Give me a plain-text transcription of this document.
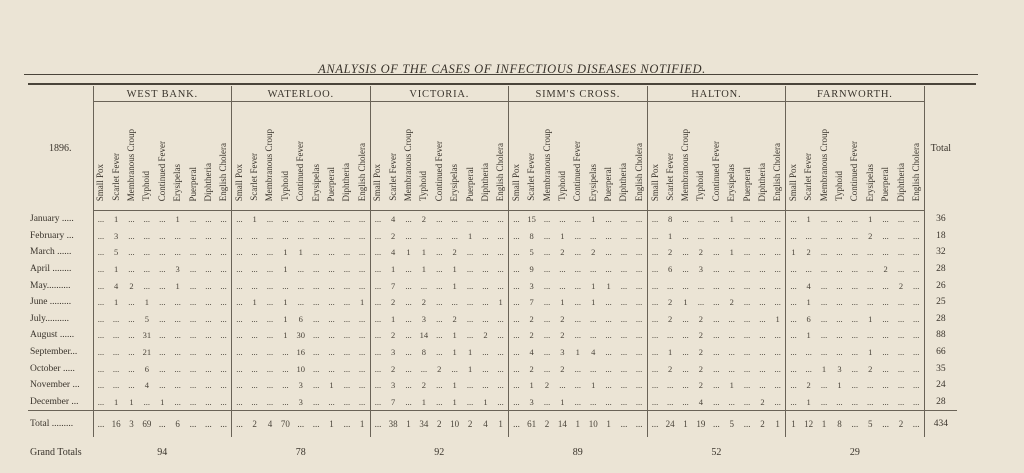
ANALYSIS OF THE CASES OF INFECTIOUS DISEASES NOTIFIED.
1896.	WEST BANK.									WATERLOO.									VICTORIA.									SIMM'S CROSS.									HALTON.									FARNWORTH.									Total
	Small Pox	Scarlet Fever	Membranous Croup	Typhoid	Continued Fever	Erysipelas	Puerperal	Diphtheria	English Cholera	Small Pox	Scarlet Fever	Membranous Croup	Typhoid	Continued Fever	Erysipelas	Puerperal	Diphtheria	English Cholera	Small Pox	Scarlet Fever	Membranous Croup	Typhoid	Continued Fever	Erysipelas	Puerperal	Diphtheria	English Cholera	Small Pox	Scarlet Fever	Membranous Croup	Typhoid	Continued Fever	Erysipelas	Puerperal	Diphtheria	English Cholera	Small Pox	Scarlet Fever	Membranous Croup	Typhoid	Continued Fever	Erysipelas	Puerperal	Diphtheria	English Cholera	Small Pox	Scarlet Fever	Membranous Croup	Typhoid	Continued Fever	Erysipelas	Puerperal	Diphtheria	English Cholera	
January .....	...	1	...	...	...	1	...	...	...	...	1	...	...	...	...	...	...	...	...	4	...	2	...	...	...	...	...	...	15	...	...	...	1	...	...	...	...	8	...	...	...	1	...	...	...	...	1	...	...	...	1	...	...	...	36
February ...	...	3	...	...	...	...	...	...	...	...	...	...	...	...	...	...	...	...	...	2	...	...	...	...	1	...	...	...	8	...	1	...	...	...	...	...	...	1	...	...	...	...	...	...	...	...	...	...	...	...	2	...	...	...	18
March ......	...	5	...	...	...	...	...	...	...	...	...	...	1	1	...	...	...	...	...	4	1	1	...	2	...	...	...	...	5	...	2	...	2	...	...	...	...	2	...	2	...	1	...	...	...	1	2	...	...	...	...	...	...	...	32
April ........	...	1	...	...	...	3	...	...	...	...	...	...	1	...	...	...	...	...	...	1	...	1	...	1	...	...	...	...	9	...	...	...	...	...	...	...	...	6	...	3	...	...	...	...	...	...	...	...	...	...	...	2	...	...	28
May..........	...	4	2	...	...	1	...	...	...	...	...	...	...	...	...	...	...	...	...	7	...	...	...	1	...	...	...	...	3	...	...	...	1	1	...	...	...	...	...	...	...	...	...	...	...	...	4	...	...	...	...	...	2	...	26
June .........	...	1	...	1	...	...	...	...	...	...	1	...	1	...	...	...	...	1	...	2	...	2	...	...	...	...	1	...	7	...	1	...	1	...	...	...	...	2	1	...	...	2	...	...	...	...	1	...	...	...	...	...	...	...	25
July..........	...	...	...	5	...	...	...	...	...	...	...	...	1	6	...	...	...	...	...	1	...	3	...	2	...	...	...	...	2	...	2	...	...	...	...	...	...	2	...	2	...	...	...	...	1	...	6	...	...	...	1	...	...	...	28
August ......	...	...	...	31	...	...	...	...	...	...	...	...	1	30	...	...	...	...	...	2	...	14	...	1	...	2	...	...	2	...	2	...	...	...	...	...	...	...	...	2	...	...	...	...	...	...	1	...	...	...	...	...	...	...	88
September...	...	...	...	21	...	...	...	...	...	...	...	...	...	16	...	...	...	...	...	3	...	8	...	1	1	...	...	...	4	...	3	1	4	...	...	...	...	1	...	2	...	...	...	...	...	...	...	...	...	...	1	...	...	...	66
October .....	...	...	...	6	...	...	...	...	...	...	...	...	...	10	...	...	...	...	...	2	...	...	2	...	1	...	...	...	2	...	2	...	...	...	...	...	...	2	...	2	...	...	...	...	...	...	...	1	3	...	2	...	...	...	35
November ...	...	...	...	4	...	...	...	...	...	...	...	...	...	3	...	1	...	...	...	3	...	2	...	1	...	...	...	...	1	2	...	...	1	...	...	...	...	...	...	2	...	1	...	...	...	...	2	...	1	...	...	...	...	...	24
December ...	...	1	1	...	1	...	...	...	...	...	...	...	...	3	...	...	...	...	...	7	...	1	...	1	...	1	...	...	3	...	1	...	...	...	...	...	...	...	...	4	...	...	...	2	...	...	1	...	...	...	...	...	...	...	28
Total .........	...	16	3	69	...	6	...	...	...	...	2	4	70	...	...	1	...	1	...	38	1	34	2	10	2	4	1	...	61	2	14	1	10	1	...	...	...	24	1	19	...	5	...	2	1	1	12	1	8	...	5	...	2	...	434
Grand Totals	94									78									92									89									52									29									
